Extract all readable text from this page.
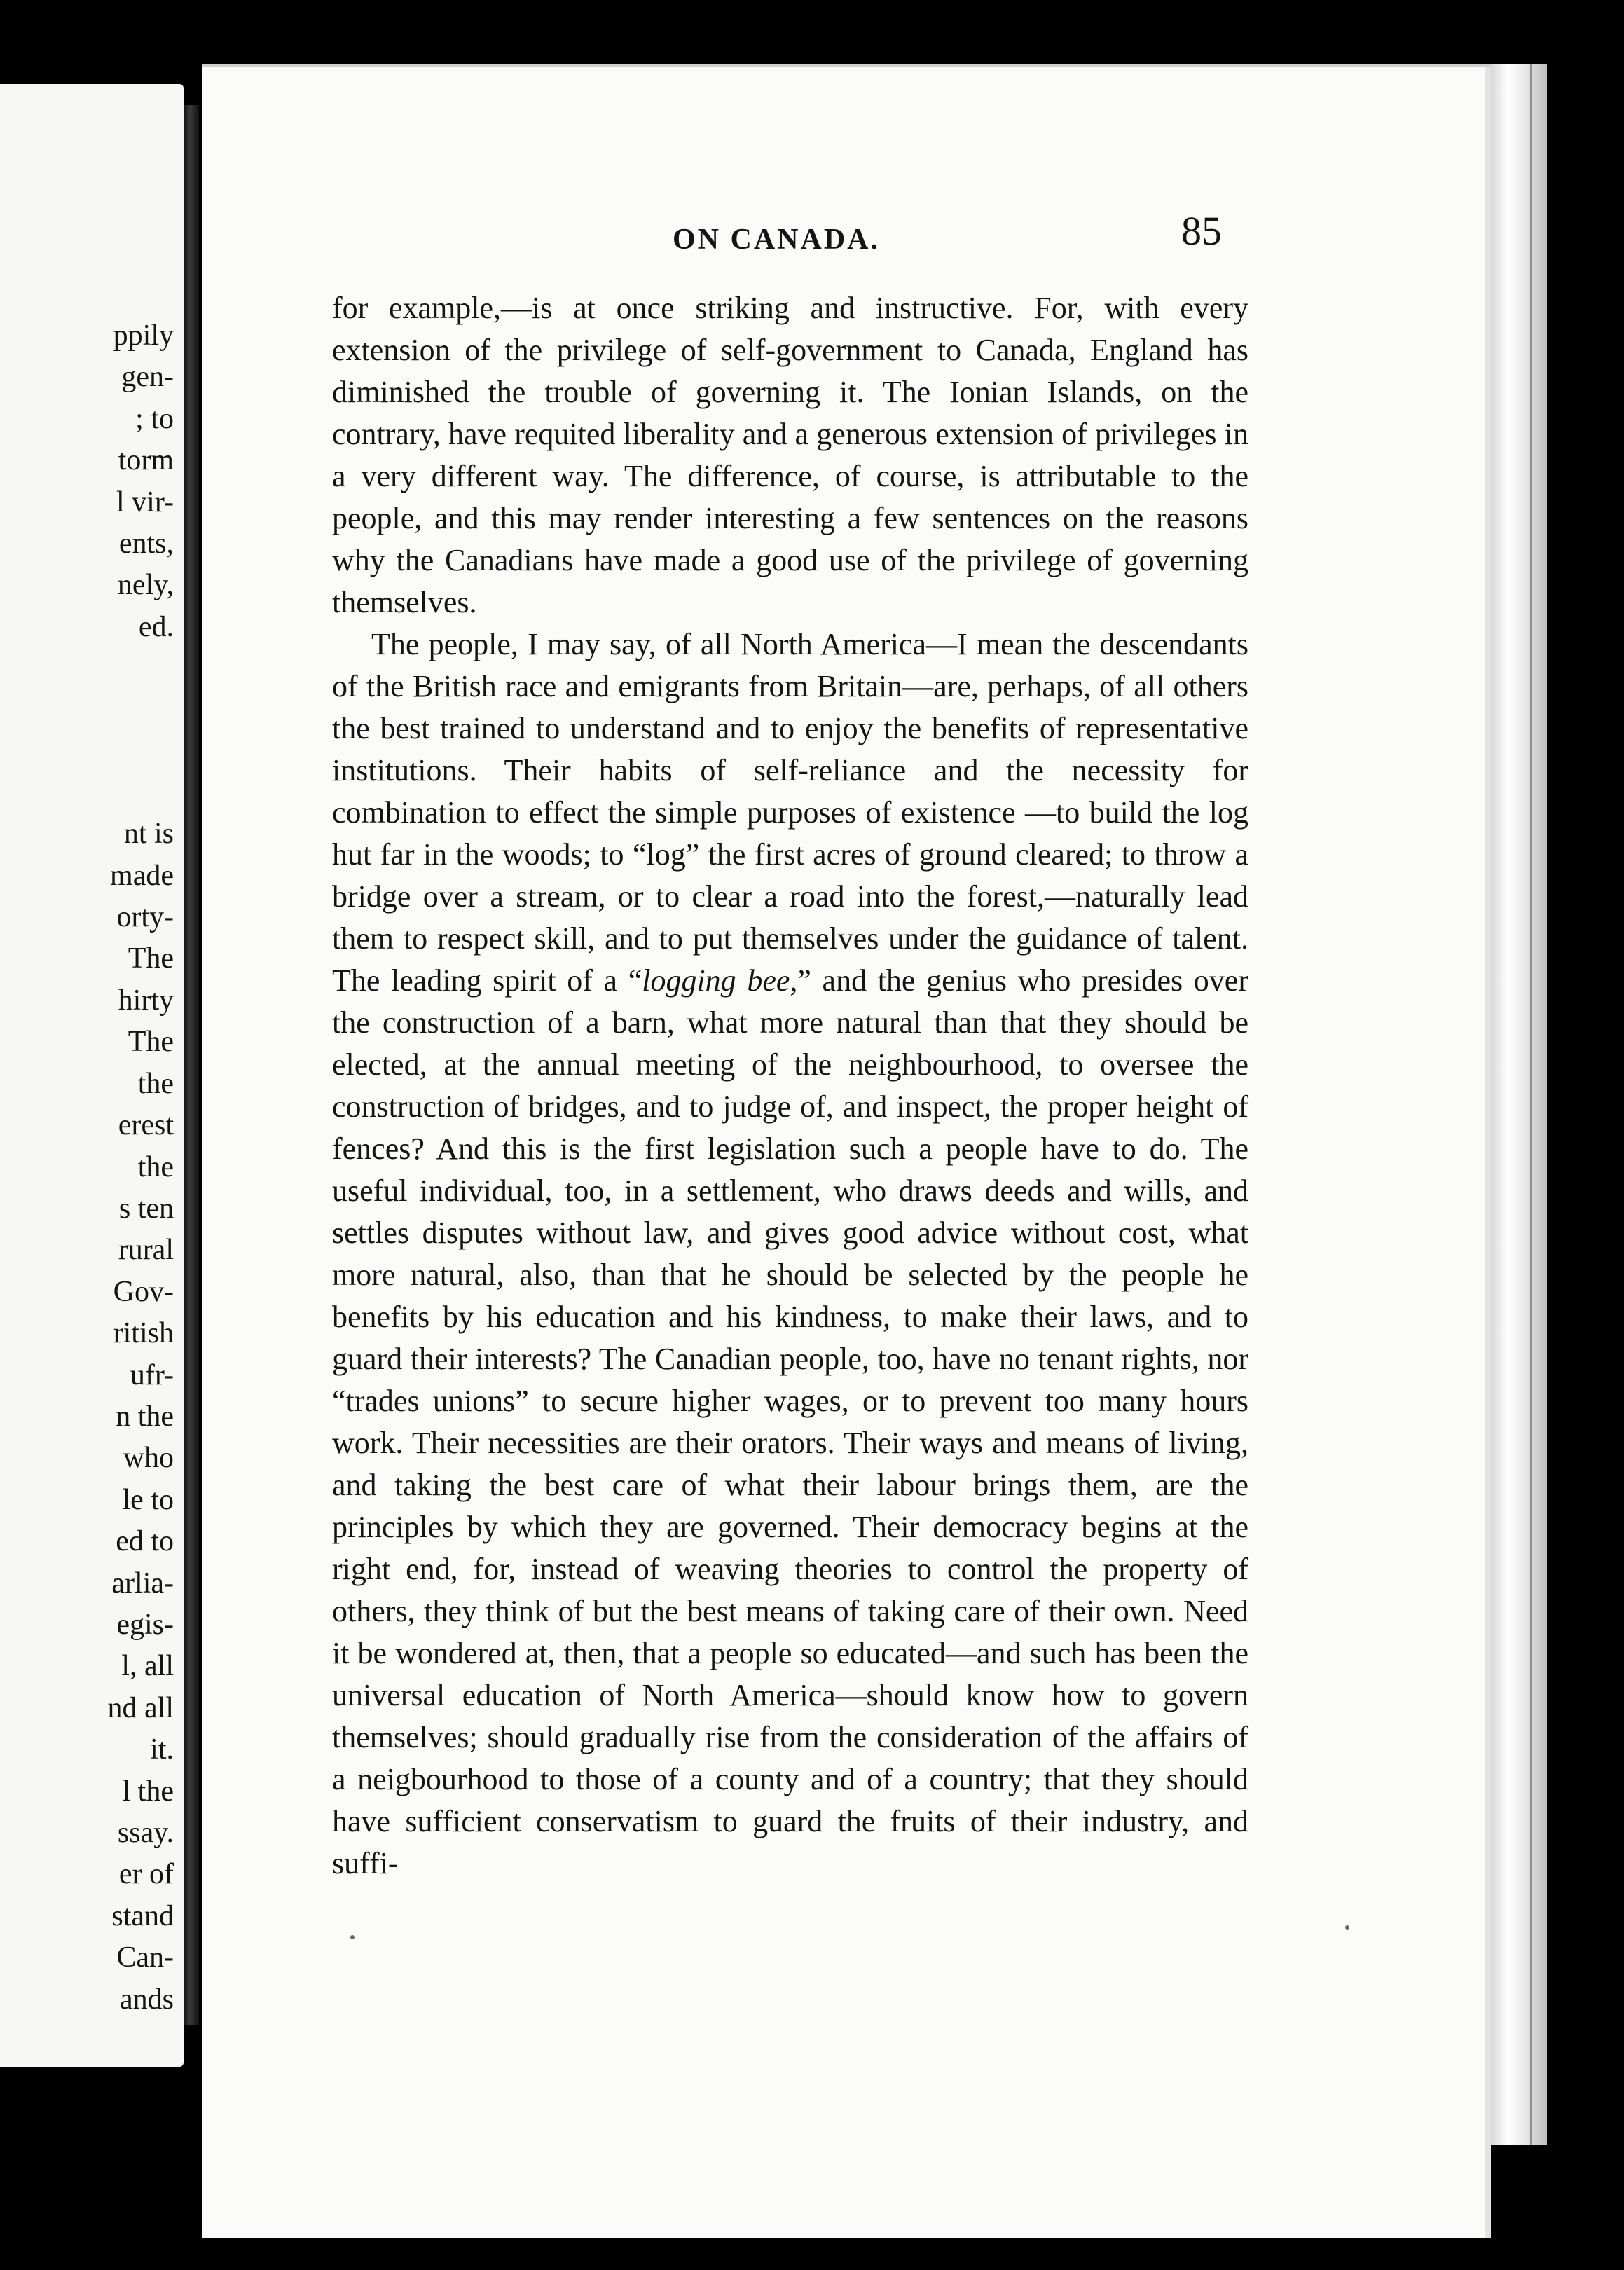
ppily
gen-
; to
torm
l vir-
ents,
nely,
ed.
nt is
made
orty-
The
hirty
The
the
erest
the
s ten
rural
Gov-
ritish
ufr-
n the
who
le to
ed to
arlia-
egis-
l, all
nd all
it.
l the
ssay.
er of
stand
Can-
ands
ON CANADA.	85

for example,—is at once striking and instructive. For, with every extension of the privilege of self-government to Canada, England has diminished the trouble of governing it. The Ionian Islands, on the contrary, have requited liberality and a generous extension of privileges in a very different way. The difference, of course, is attributable to the people, and this may render interesting a few sentences on the reasons why the Canadians have made a good use of the privilege of governing themselves.

The people, I may say, of all North America—I mean the descendants of the British race and emigrants from Britain—are, perhaps, of all others the best trained to understand and to enjoy the benefits of representative institutions. Their habits of self-reliance and the necessity for combination to effect the simple purposes of existence —to build the log hut far in the woods; to “log” the first acres of ground cleared; to throw a bridge over a stream, or to clear a road into the forest,—naturally lead them to respect skill, and to put themselves under the guidance of talent. The leading spirit of a “logging bee,” and the genius who presides over the construction of a barn, what more natural than that they should be elected, at the annual meeting of the neighbourhood, to oversee the construction of bridges, and to judge of, and inspect, the proper height of fences? And this is the first legislation such a people have to do. The useful individual, too, in a settlement, who draws deeds and wills, and settles disputes without law, and gives good advice without cost, what more natural, also, than that he should be selected by the people he benefits by his education and his kindness, to make their laws, and to guard their interests? The Canadian people, too, have no tenant rights, nor “trades unions” to secure higher wages, or to prevent too many hours work. Their necessities are their orators. Their ways and means of living, and taking the best care of what their labour brings them, are the principles by which they are governed. Their democracy begins at the right end, for, instead of weaving theories to control the property of others, they think of but the best means of taking care of their own. Need it be wondered at, then, that a people so educated—and such has been the universal education of North America—should know how to govern themselves; should gradually rise from the consideration of the affairs of a neigbourhood to those of a county and of a country; that they should have sufficient conservatism to guard the fruits of their industry, and suffi-
